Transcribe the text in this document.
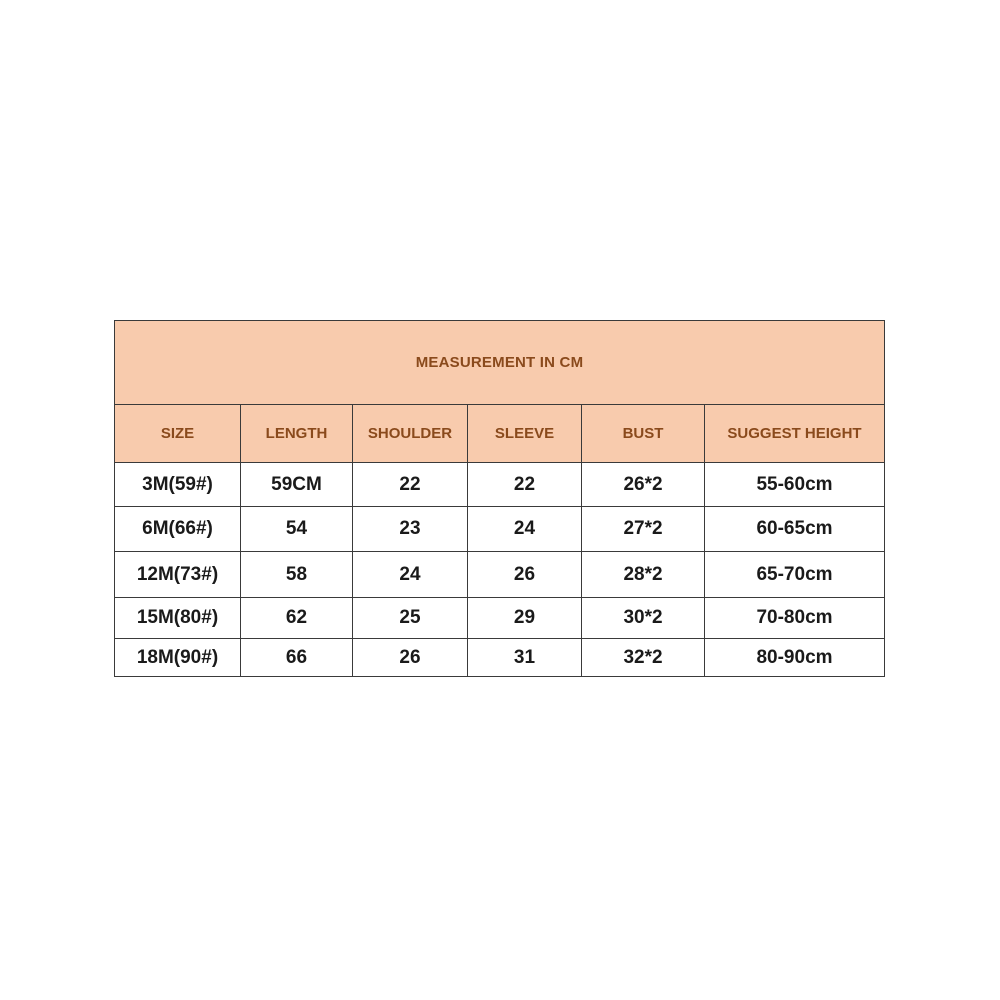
MEASUREMENT IN CM					
SIZE	LENGTH	SHOULDER	SLEEVE	BUST	SUGGEST HEIGHT
3M(59#)	59CM	22	22	26*2	55-60cm
6M(66#)	54	23	24	27*2	60-65cm
12M(73#)	58	24	26	28*2	65-70cm
15M(80#)	62	25	29	30*2	70-80cm
18M(90#)	66	26	31	32*2	80-90cm
